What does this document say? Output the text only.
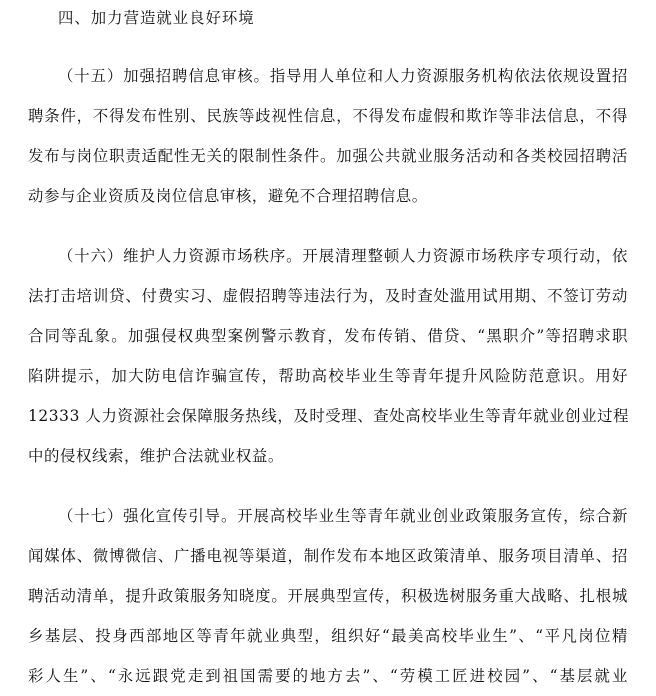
四、加力营造就业良好环境
（十五）加强招聘信息审核。指导用人单位和人力资源服务机构依法依规设置招
聘条件，不得发布性别、民族等歧视性信息，不得发布虚假和欺诈等非法信息，不得
发布与岗位职责适配性无关的限制性条件。加强公共就业服务活动和各类校园招聘活
动参与企业资质及岗位信息审核，避免不合理招聘信息。
（十六）维护人力资源市场秩序。开展清理整顿人力资源市场秩序专项行动，依
法打击培训贷、付费实习、虚假招聘等违法行为，及时查处滥用试用期、不签订劳动
合同等乱象。加强侵权典型案例警示教育，发布传销、借贷、“黑职介”等招聘求职
陷阱提示，加大防电信诈骗宣传，帮助高校毕业生等青年提升风险防范意识。用好
12333 人力资源社会保障服务热线，及时受理、查处高校毕业生等青年就业创业过程
中的侵权线索，维护合法就业权益。
（十七）强化宣传引导。开展高校毕业生等青年就业创业政策服务宣传，综合新
闻媒体、微博微信、广播电视等渠道，制作发布本地区政策清单、服务项目清单、招
聘活动清单，提升政策服务知晓度。开展典型宣传，积极选树服务重大战略、扎根城
乡基层、投身西部地区等青年就业典型，组织好“最美高校毕业生”、“平凡岗位精
彩人生”、“永远跟党走到祖国需要的地方去”、“劳模工匠进校园”、“基层就业
